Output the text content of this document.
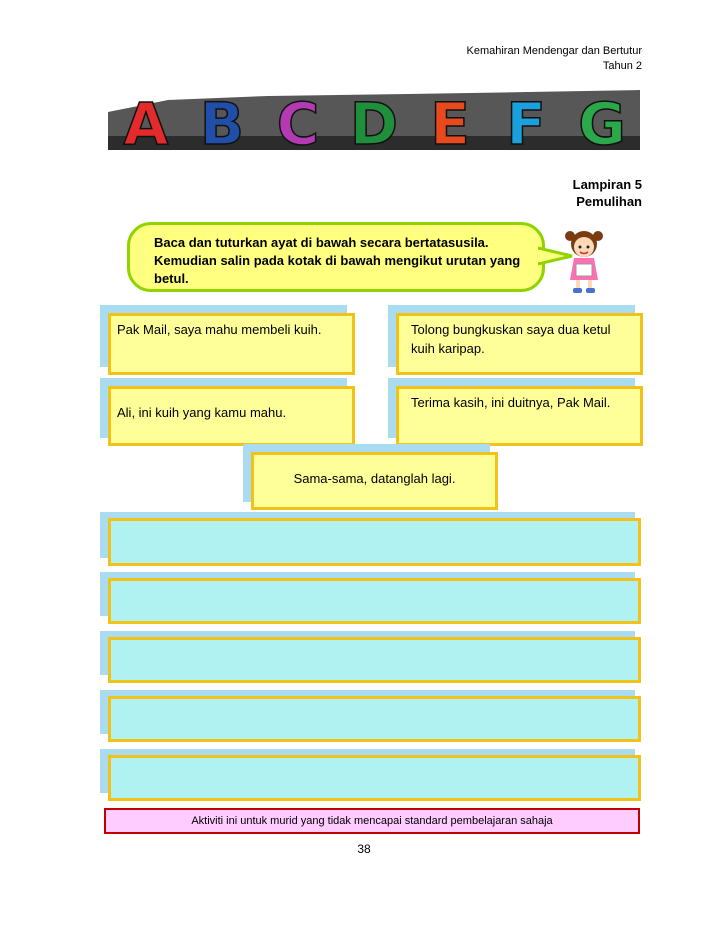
Kemahiran Mendengar dan Bertutur
Tahun 2
A B C D E F G
Lampiran 5
Pemulihan
Baca dan tuturkan ayat di bawah secara bertatasusila. Kemudian salin pada kotak di bawah mengikut urutan yang betul.
Pak Mail, saya mahu membeli kuih.	Tolong bungkuskan saya dua ketul kuih karipap.
Ali, ini kuih yang kamu mahu.
Terima kasih, ini duitnya, Pak Mail.
Sama-sama, datanglah lagi.
Aktiviti ini untuk murid yang tidak mencapai standard pembelajaran sahaja
38
